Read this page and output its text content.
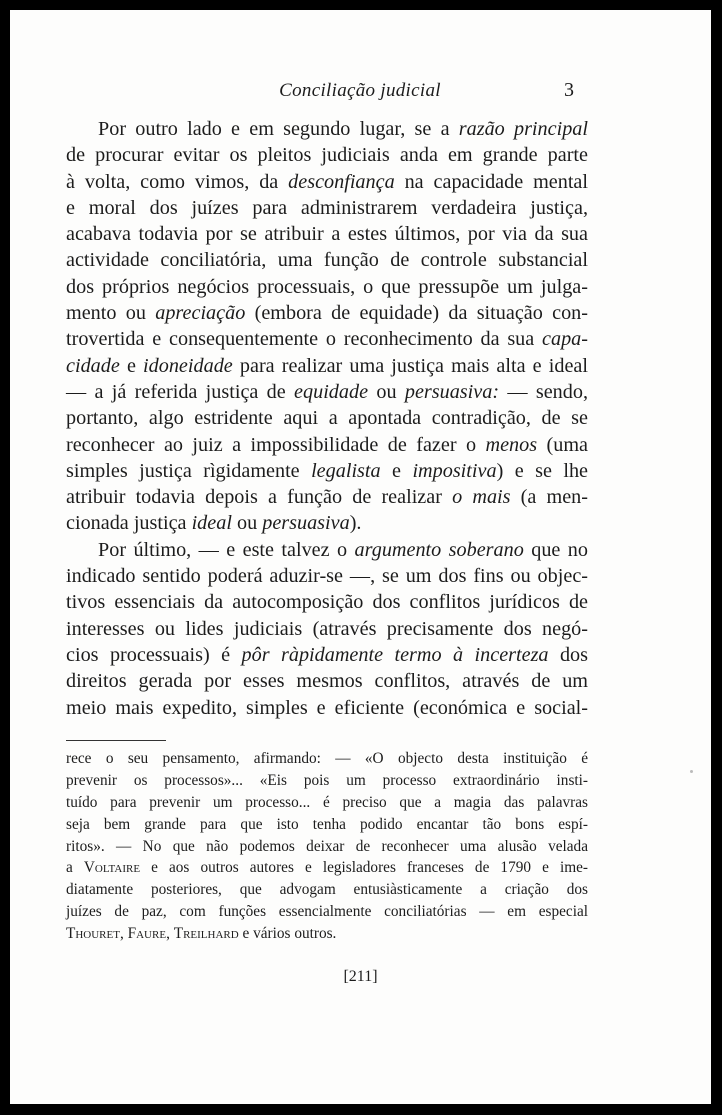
Conciliação judicial	3
Por outro lado e em segundo lugar, se a razão principal
de procurar evitar os pleitos judiciais anda em grande parte
à volta, como vimos, da desconfiança na capacidade mental
e moral dos juízes para administrarem verdadeira justiça,
acabava todavia por se atribuir a estes últimos, por via da sua
actividade conciliatória, uma função de controle substancial
dos próprios negócios processuais, o que pressupõe um julga-
mento ou apreciação (embora de equidade) da situação con-
trovertida e consequentemente o reconhecimento da sua capa-
cidade e idoneidade para realizar uma justiça mais alta e ideal
— a já referida justiça de equidade ou persuasiva: — sendo,
portanto, algo estridente aqui a apontada contradição, de se
reconhecer ao juiz a impossibilidade de fazer o menos (uma
simples justiça rìgidamente legalista e impositiva) e se lhe
atribuir todavia depois a função de realizar o mais (a men-
cionada justiça ideal ou persuasiva).
Por último, — e este talvez o argumento soberano que no
indicado sentido poderá aduzir-se —, se um dos fins ou objec-
tivos essenciais da autocomposição dos conflitos jurídicos de
interesses ou lides judiciais (através precisamente dos negó-
cios processuais) é pôr ràpidamente termo à incerteza dos
direitos gerada por esses mesmos conflitos, através de um
meio mais expedito, simples e eficiente (económica e social-
rece o seu pensamento, afirmando: — «O objecto desta instituição é
prevenir os processos»... «Eis pois um processo extraordinário insti-
tuído para prevenir um processo... é preciso que a magia das palavras
seja bem grande para que isto tenha podido encantar tão bons espí-
ritos». — No que não podemos deixar de reconhecer uma alusão velada
a Voltaire e aos outros autores e legisladores franceses de 1790 e ime-
diatamente posteriores, que advogam entusiàsticamente a criação dos
juízes de paz, com funções essencialmente conciliatórias — em especial
Thouret, Faure, Treilhard e vários outros.
[211]
